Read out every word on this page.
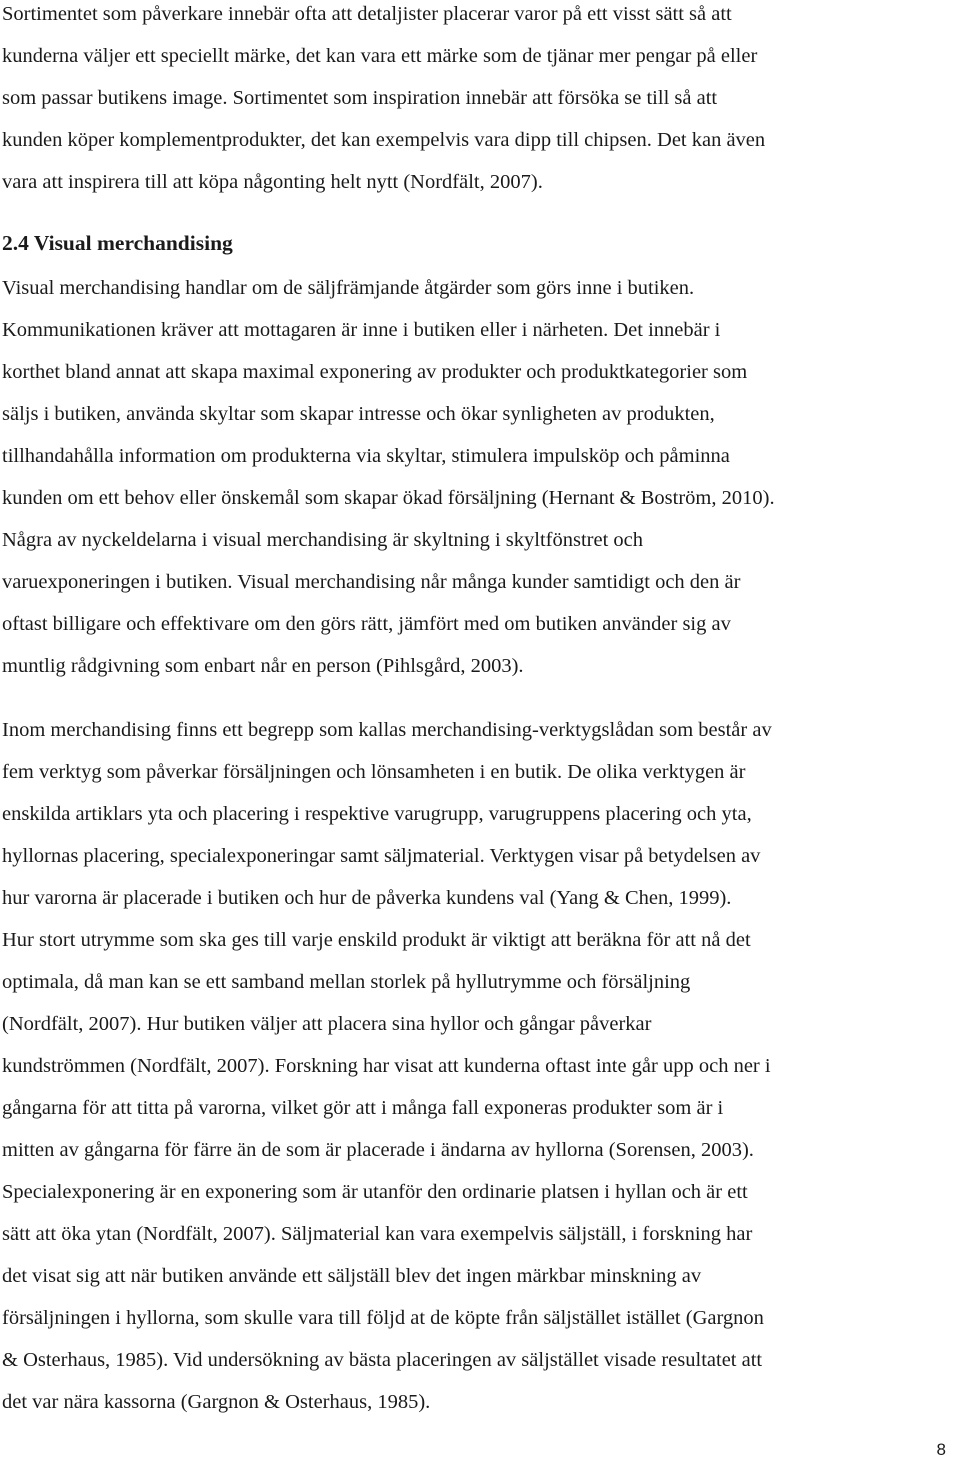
Sortimentet som påverkare innebär ofta att detaljister placerar varor på ett visst sätt så att
kunderna väljer ett speciellt märke, det kan vara ett märke som de tjänar mer pengar på eller
som passar butikens image. Sortimentet som inspiration innebär att försöka se till så att
kunden köper komplementprodukter, det kan exempelvis vara dipp till chipsen. Det kan även
vara att inspirera till att köpa någonting helt nytt (Nordfält, 2007).
2.4 Visual merchandising
Visual merchandising handlar om de säljfrämjande åtgärder som görs inne i butiken.
Kommunikationen kräver att mottagaren är inne i butiken eller i närheten. Det innebär i
korthet bland annat att skapa maximal exponering av produkter och produktkategorier som
säljs i butiken, använda skyltar som skapar intresse och ökar synligheten av produkten,
tillhandahålla information om produkterna via skyltar, stimulera impulsköp och påminna
kunden om ett behov eller önskemål som skapar ökad försäljning (Hernant & Boström, 2010).
Några av nyckeldelarna i visual merchandising är skyltning i skyltfönstret och
varuexponeringen i butiken. Visual merchandising når många kunder samtidigt och den är
oftast billigare och effektivare om den görs rätt, jämfört med om butiken använder sig av
muntlig rådgivning som enbart når en person (Pihlsgård, 2003).
Inom merchandising finns ett begrepp som kallas merchandising-verktygslådan som består av
fem verktyg som påverkar försäljningen och lönsamheten i en butik. De olika verktygen är
enskilda artiklars yta och placering i respektive varugrupp, varugruppens placering och yta,
hyllornas placering, specialexponeringar samt säljmaterial. Verktygen visar på betydelsen av
hur varorna är placerade i butiken och hur de påverka kundens val (Yang & Chen, 1999).
Hur stort utrymme som ska ges till varje enskild produkt är viktigt att beräkna för att nå det
optimala, då man kan se ett samband mellan storlek på hyllutrymme och försäljning
(Nordfält, 2007). Hur butiken väljer att placera sina hyllor och gångar påverkar
kundströmmen (Nordfält, 2007). Forskning har visat att kunderna oftast inte går upp och ner i
gångarna för att titta på varorna, vilket gör att i många fall exponeras produkter som är i
mitten av gångarna för färre än de som är placerade i ändarna av hyllorna (Sorensen, 2003).
Specialexponering är en exponering som är utanför den ordinarie platsen i hyllan och är ett
sätt att öka ytan (Nordfält, 2007). Säljmaterial kan vara exempelvis säljställ, i forskning har
det visat sig att när butiken använde ett säljställ blev det ingen märkbar minskning av
försäljningen i hyllorna, som skulle vara till följd at de köpte från säljstället istället (Gargnon
& Osterhaus, 1985). Vid undersökning av bästa placeringen av säljstället visade resultatet att
det var nära kassorna (Gargnon & Osterhaus, 1985).
8
